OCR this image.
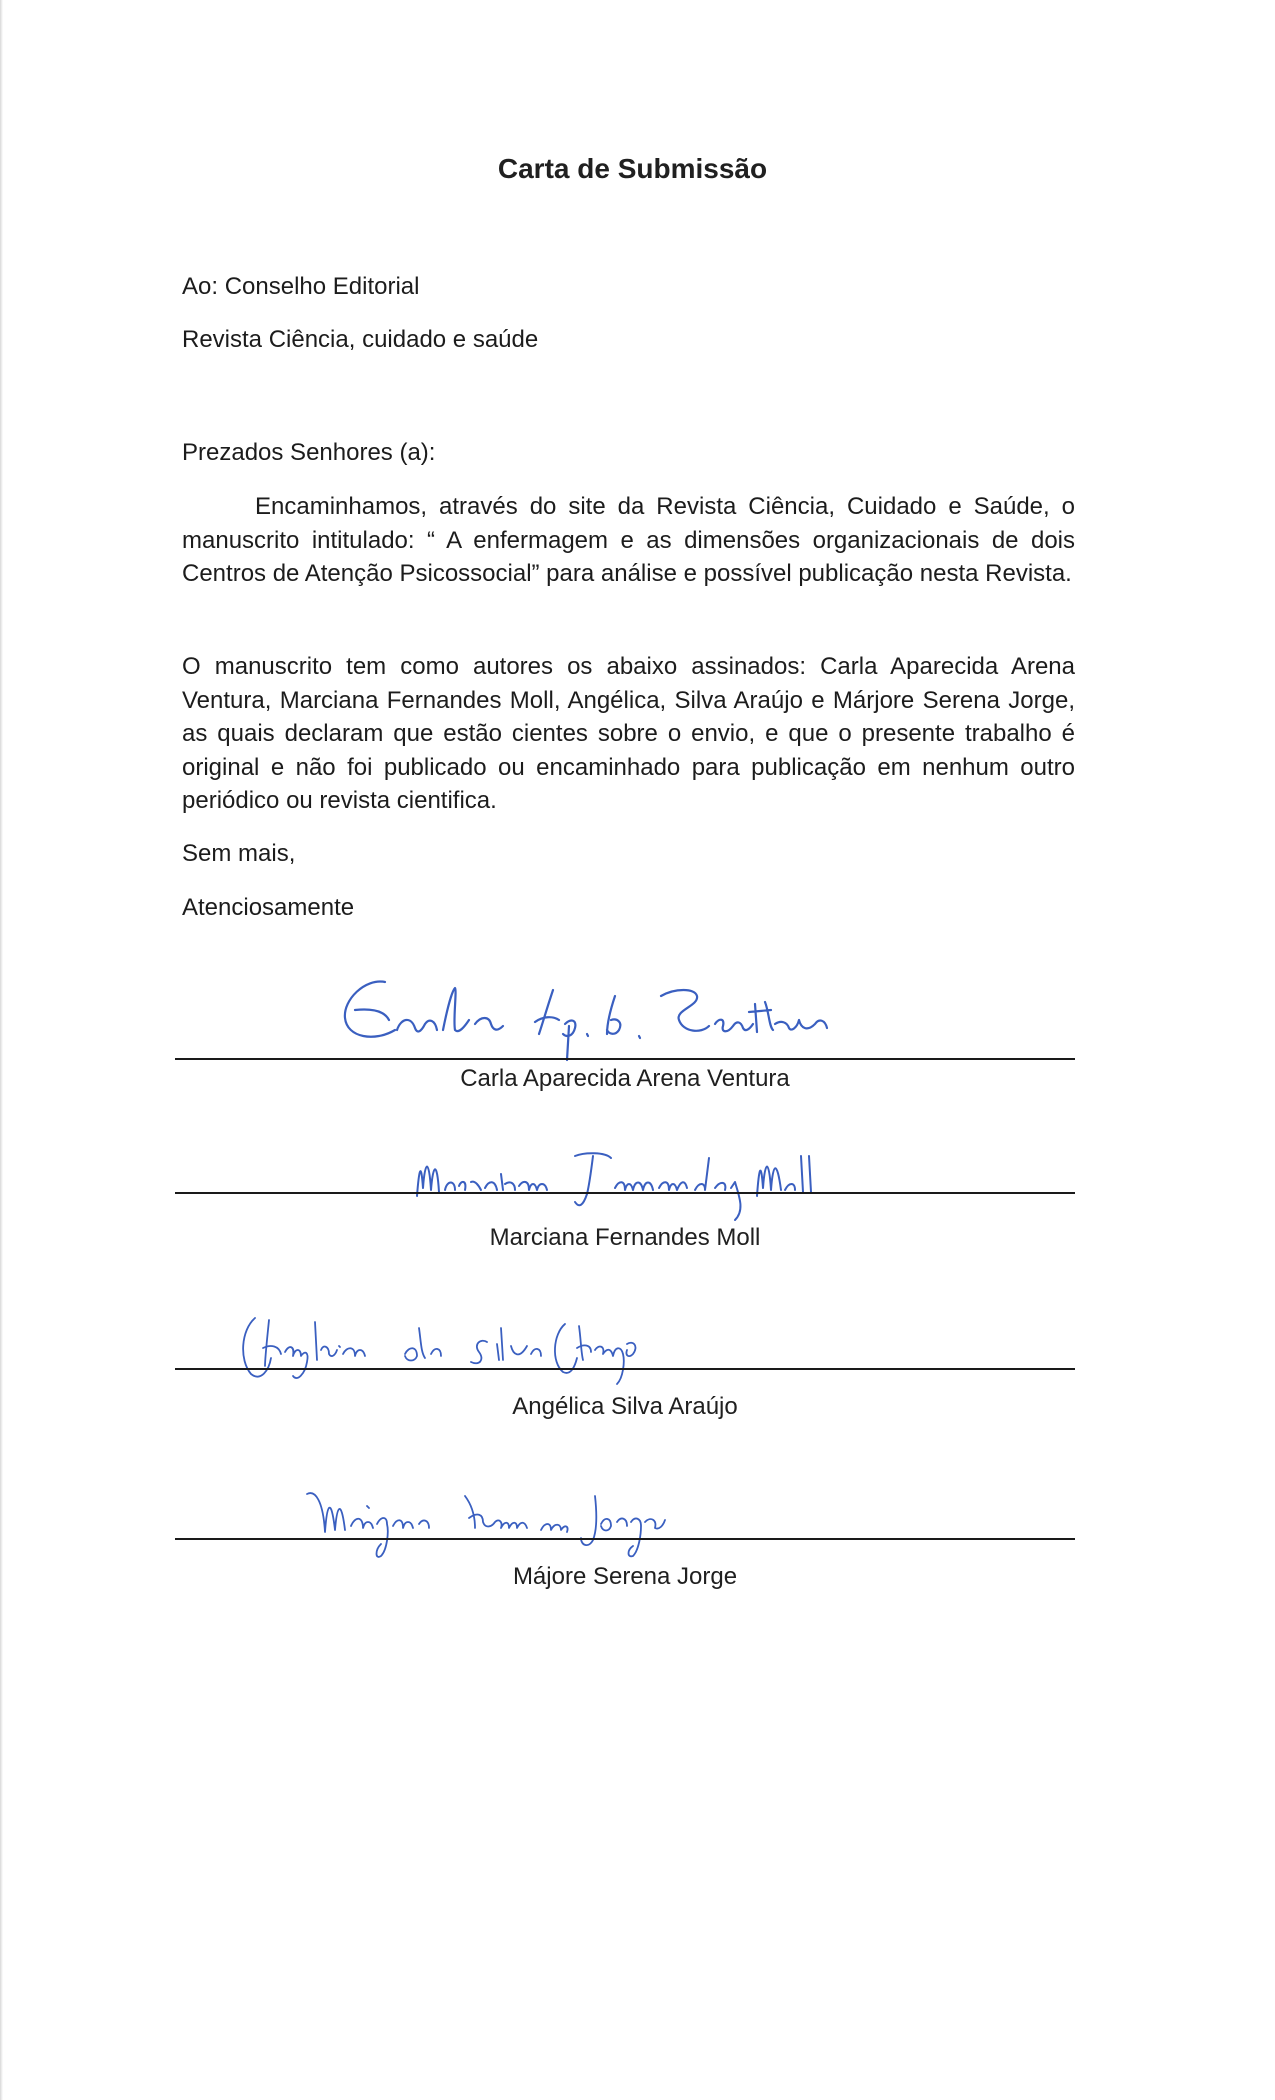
Carta de Submissão
Ao: Conselho Editorial
Revista Ciência, cuidado e saúde
Prezados Senhores (a):
Encaminhamos, através do site da Revista Ciência, Cuidado e Saúde, o manuscrito intitulado: “ A enfermagem e as dimensões organizacionais de dois Centros de Atenção Psicossocial” para análise e possível publicação nesta Revista.
O manuscrito tem como autores os abaixo assinados: Carla Aparecida Arena Ventura, Marciana Fernandes Moll, Angélica, Silva Araújo e Márjore Serena Jorge, as quais declaram que estão cientes sobre o envio, e que o presente trabalho é original e não foi publicado ou encaminhado para publicação em nenhum outro periódico ou revista cientifica.
Sem mais,
Atenciosamente
Carla Aparecida Arena Ventura
Marciana Fernandes Moll
Angélica Silva Araújo
Májore Serena Jorge
